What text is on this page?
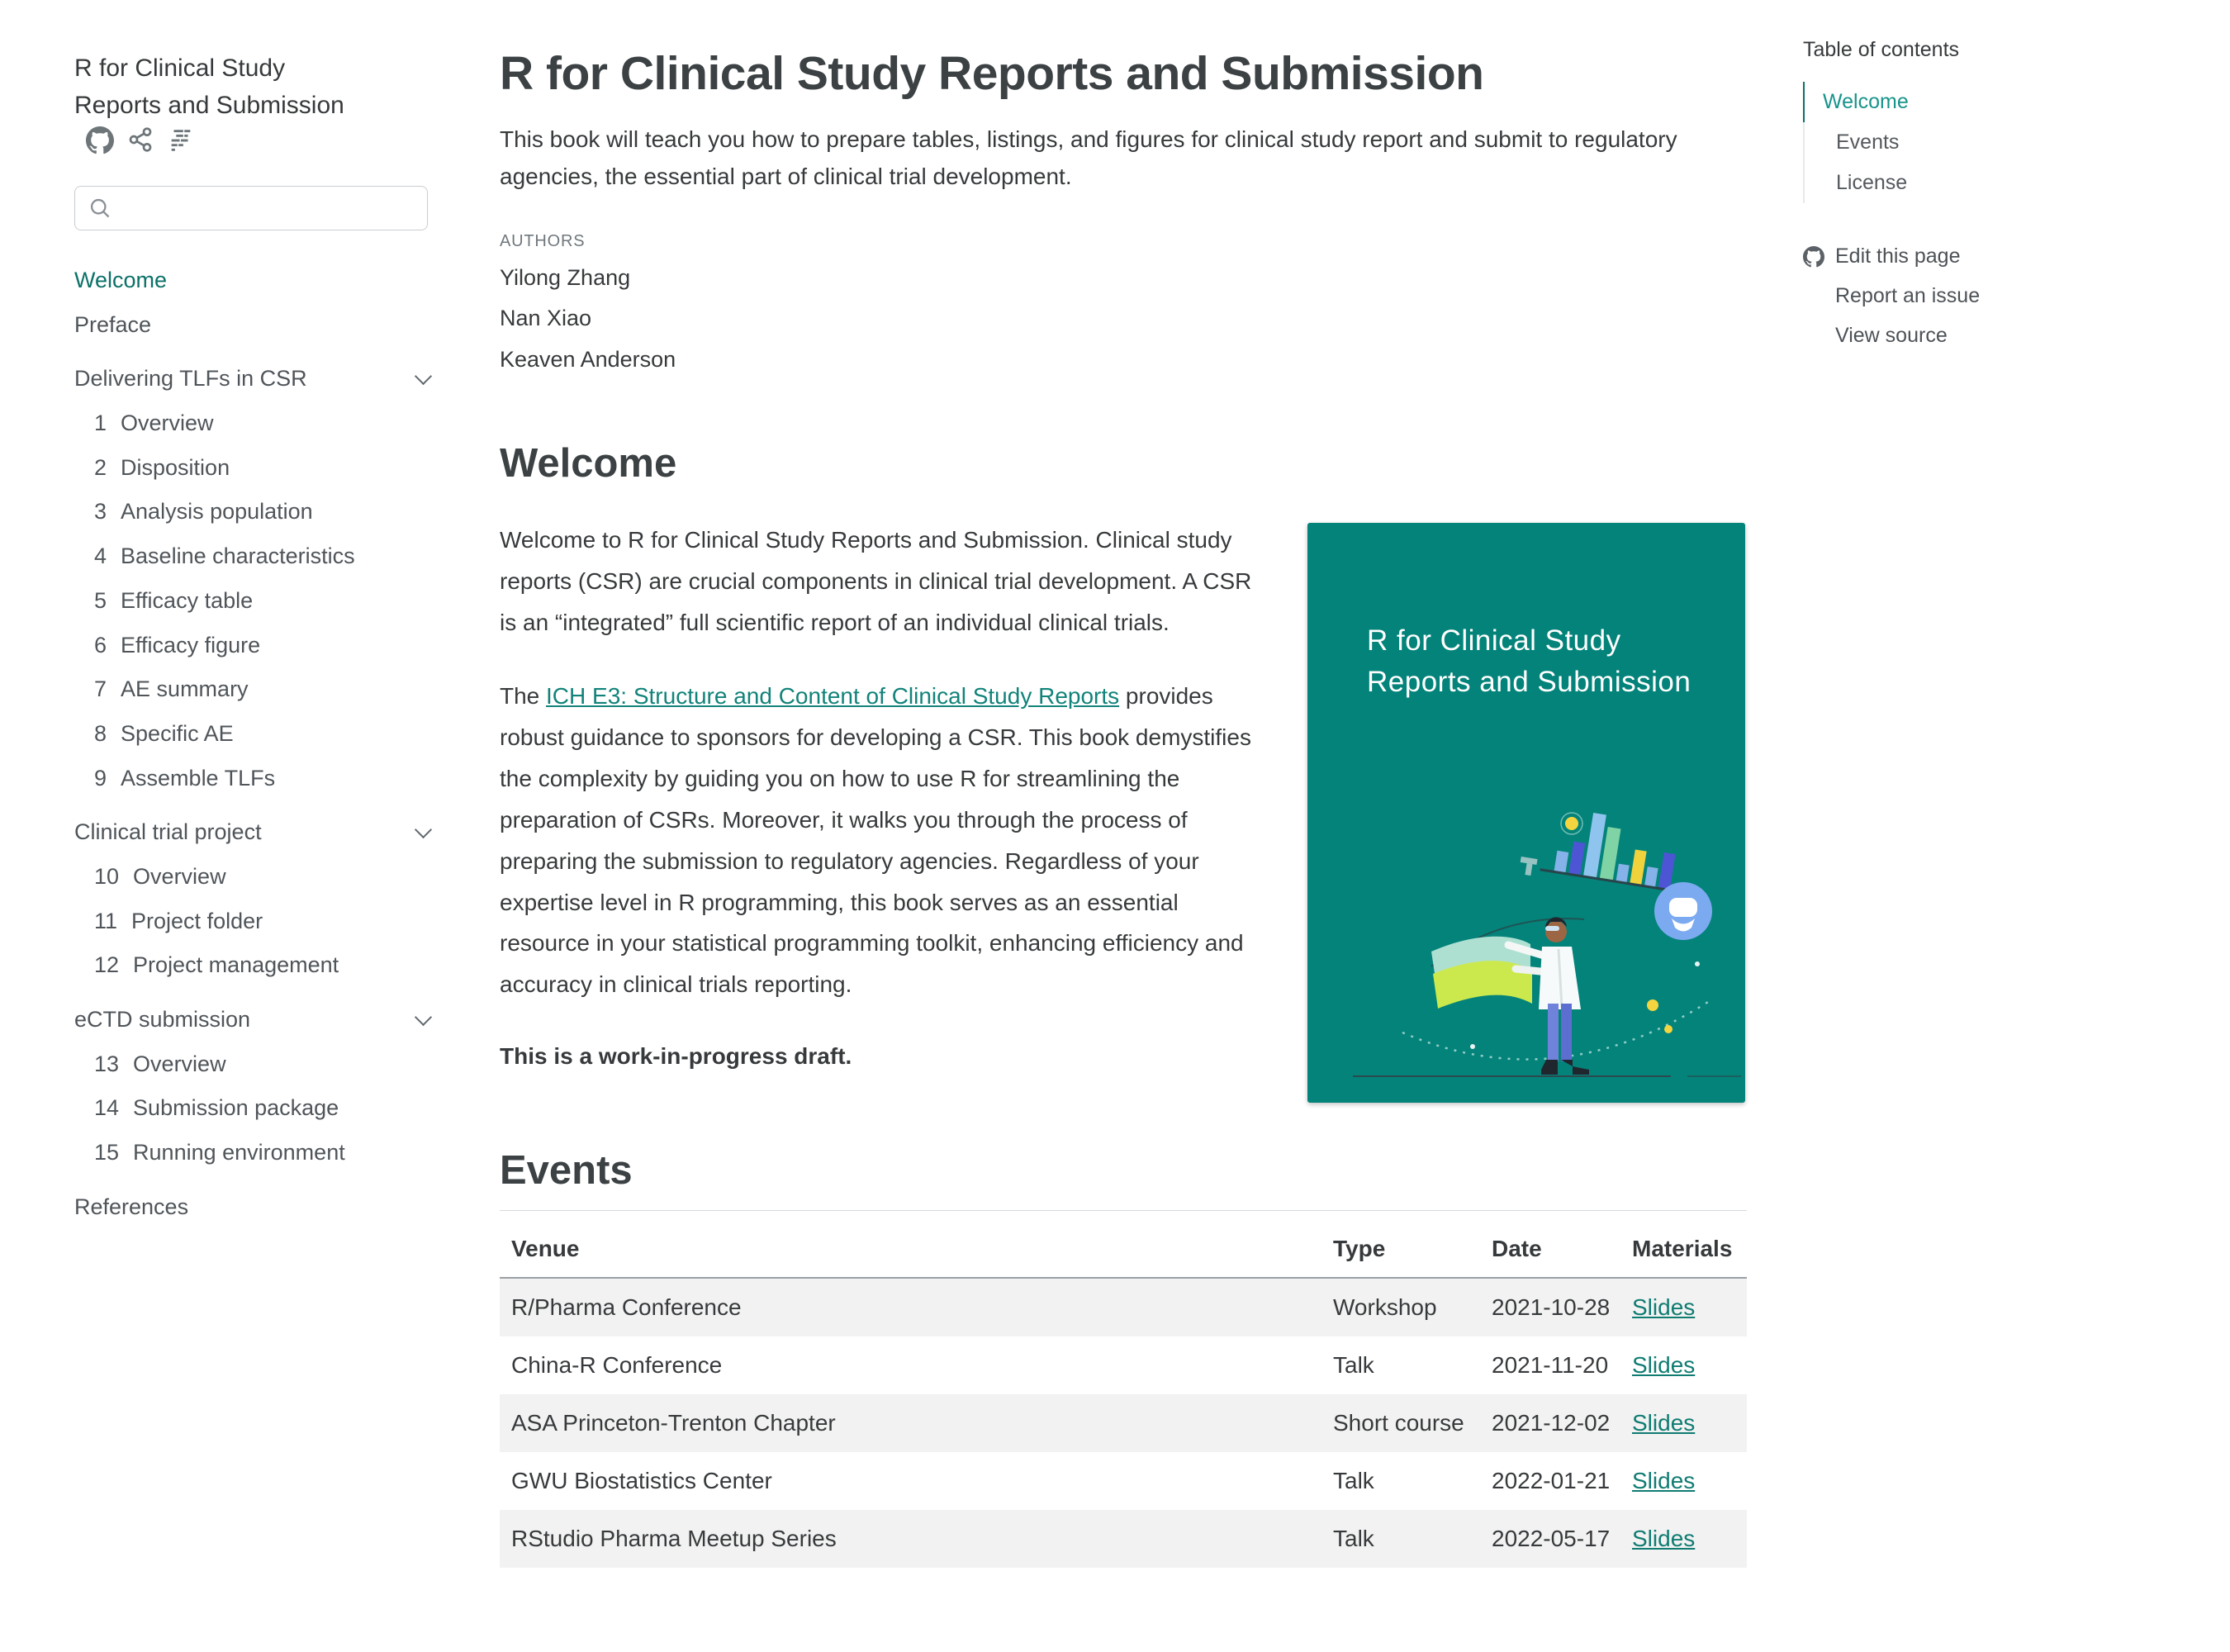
R for Clinical Study Reports and Submission
Welcome
Preface
Delivering TLFs in CSR
1 Overview
2 Disposition
3 Analysis population
4 Baseline characteristics
5 Efficacy table
6 Efficacy figure
7 AE summary
8 Specific AE
9 Assemble TLFs
Clinical trial project
10 Overview
11 Project folder
12 Project management
eCTD submission
13 Overview
14 Submission package
15 Running environment
References
R for Clinical Study Reports and Submission

This book will teach you how to prepare tables, listings, and figures for clinical study report and submit to regulatory agencies, the essential part of clinical trial development.

AUTHORS
Yilong Zhang
Nan Xiao
Keaven Anderson
Welcome

Welcome to R for Clinical Study Reports and Submission. Clinical study reports (CSR) are crucial components in clinical trial development. A CSR is an “integrated” full scientific report of an individual clinical trials.

The ICH E3: Structure and Content of Clinical Study Reports provides robust guidance to sponsors for developing a CSR. This book demystifies the complexity by guiding you on how to use R for streamlining the preparation of CSRs. Moreover, it walks you through the process of preparing the submission to regulatory agencies. Regardless of your expertise level in R programming, this book serves as an essential resource in your statistical programming toolkit, enhancing efficiency and accuracy in clinical trials reporting.

This is a work-in-progress draft.

Events
Venue	Type	Date	Materials
R/Pharma Conference	Workshop	2021-10-28	Slides
China-R Conference	Talk	2021-11-20	Slides
ASA Princeton-Trenton Chapter	Short course	2021-12-02	Slides
GWU Biostatistics Center	Talk	2022-01-21	Slides
RStudio Pharma Meetup Series	Talk	2022-05-17	Slides
R for Clinical Study
Reports and Submission
Table of contents
Welcome
Events
License
Edit this page
Report an issue
View source
